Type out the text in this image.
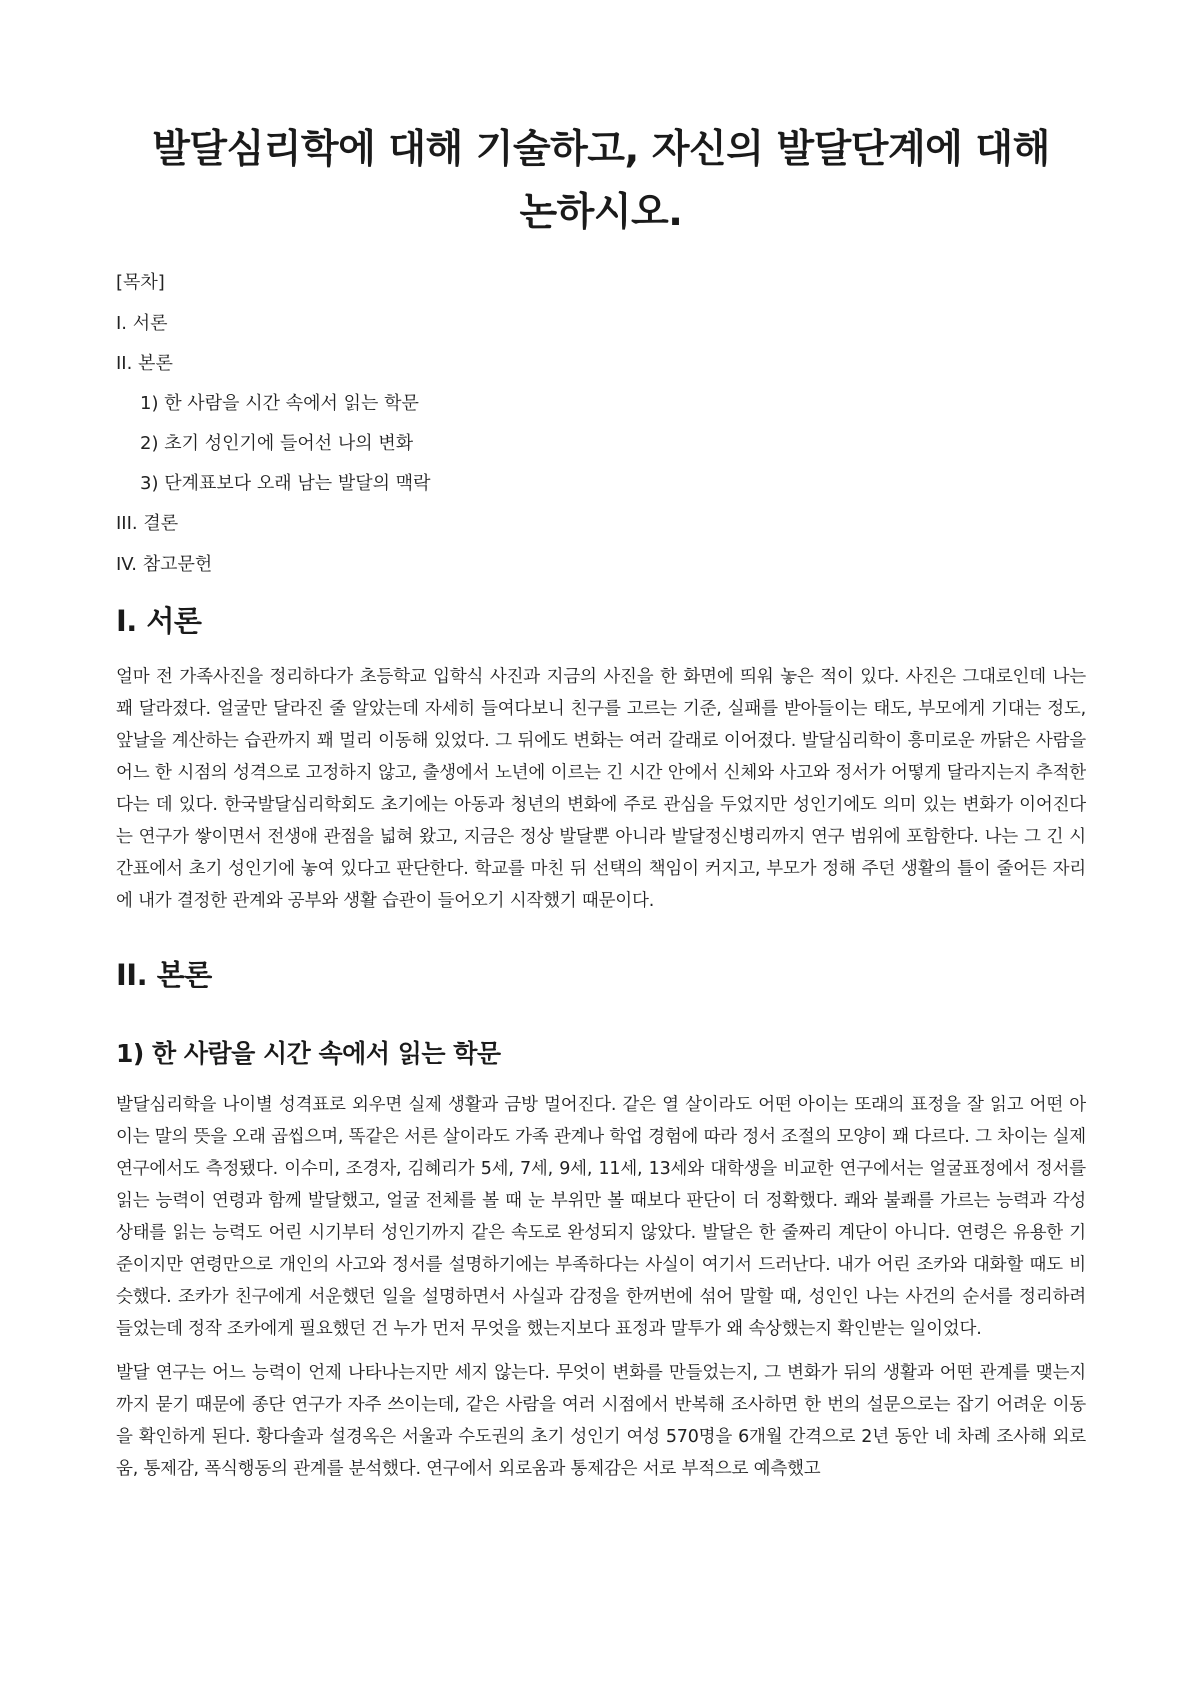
발달심리학에 대해 기술하고, 자신의 발달단계에 대해 논하시오.
[목차]
I. 서론
II. 본론
1) 한 사람을 시간 속에서 읽는 학문
2) 초기 성인기에 들어선 나의 변화
3) 단계표보다 오래 남는 발달의 맥락
III. 결론
IV. 참고문헌
I. 서론

얼마 전 가족사진을 정리하다가 초등학교 입학식 사진과 지금의 사진을 한 화면에 띄워 놓은 적이 있다. 사진은 그대로인데 나는 꽤 달라졌다. 얼굴만 달라진 줄 알았는데 자세히 들여다보니 친구를 고르는 기준, 실패를 받아들이는 태도, 부모에게 기대는 정도, 앞날을 계산하는 습관까지 꽤 멀리 이동해 있었다. 그 뒤에도 변화는 여러 갈래로 이어졌다. 발달심리학이 흥미로운 까닭은 사람을 어느 한 시점의 성격으로 고정하지 않고, 출생에서 노년에 이르는 긴 시간 안에서 신체와 사고와 정서가 어떻게 달라지는지 추적한다는 데 있다. 한국발달심리학회도 초기에는 아동과 청년의 변화에 주로 관심을 두었지만 성인기에도 의미 있는 변화가 이어진다는 연구가 쌓이면서 전생애 관점을 넓혀 왔고, 지금은 정상 발달뿐 아니라 발달정신병리까지 연구 범위에 포함한다. 나는 그 긴 시간표에서 초기 성인기에 놓여 있다고 판단한다. 학교를 마친 뒤 선택의 책임이 커지고, 부모가 정해 주던 생활의 틀이 줄어든 자리에 내가 결정한 관계와 공부와 생활 습관이 들어오기 시작했기 때문이다.

II. 본론
1) 한 사람을 시간 속에서 읽는 학문

발달심리학을 나이별 성격표로 외우면 실제 생활과 금방 멀어진다. 같은 열 살이라도 어떤 아이는 또래의 표정을 잘 읽고 어떤 아이는 말의 뜻을 오래 곱씹으며, 똑같은 서른 살이라도 가족 관계나 학업 경험에 따라 정서 조절의 모양이 꽤 다르다. 그 차이는 실제 연구에서도 측정됐다. 이수미, 조경자, 김혜리가 5세, 7세, 9세, 11세, 13세와 대학생을 비교한 연구에서는 얼굴표정에서 정서를 읽는 능력이 연령과 함께 발달했고, 얼굴 전체를 볼 때 눈 부위만 볼 때보다 판단이 더 정확했다. 쾌와 불쾌를 가르는 능력과 각성 상태를 읽는 능력도 어린 시기부터 성인기까지 같은 속도로 완성되지 않았다. 발달은 한 줄짜리 계단이 아니다. 연령은 유용한 기준이지만 연령만으로 개인의 사고와 정서를 설명하기에는 부족하다는 사실이 여기서 드러난다. 내가 어린 조카와 대화할 때도 비슷했다. 조카가 친구에게 서운했던 일을 설명하면서 사실과 감정을 한꺼번에 섞어 말할 때, 성인인 나는 사건의 순서를 정리하려 들었는데 정작 조카에게 필요했던 건 누가 먼저 무엇을 했는지보다 표정과 말투가 왜 속상했는지 확인받는 일이었다.

발달 연구는 어느 능력이 언제 나타나는지만 세지 않는다. 무엇이 변화를 만들었는지, 그 변화가 뒤의 생활과 어떤 관계를 맺는지까지 묻기 때문에 종단 연구가 자주 쓰이는데, 같은 사람을 여러 시점에서 반복해 조사하면 한 번의 설문으로는 잡기 어려운 이동을 확인하게 된다. 황다솔과 설경옥은 서울과 수도권의 초기 성인기 여성 570명을 6개월 간격으로 2년 동안 네 차례 조사해 외로움, 통제감, 폭식행동의 관계를 분석했다. 연구에서 외로움과 통제감은 서로 부적으로 예측했고
